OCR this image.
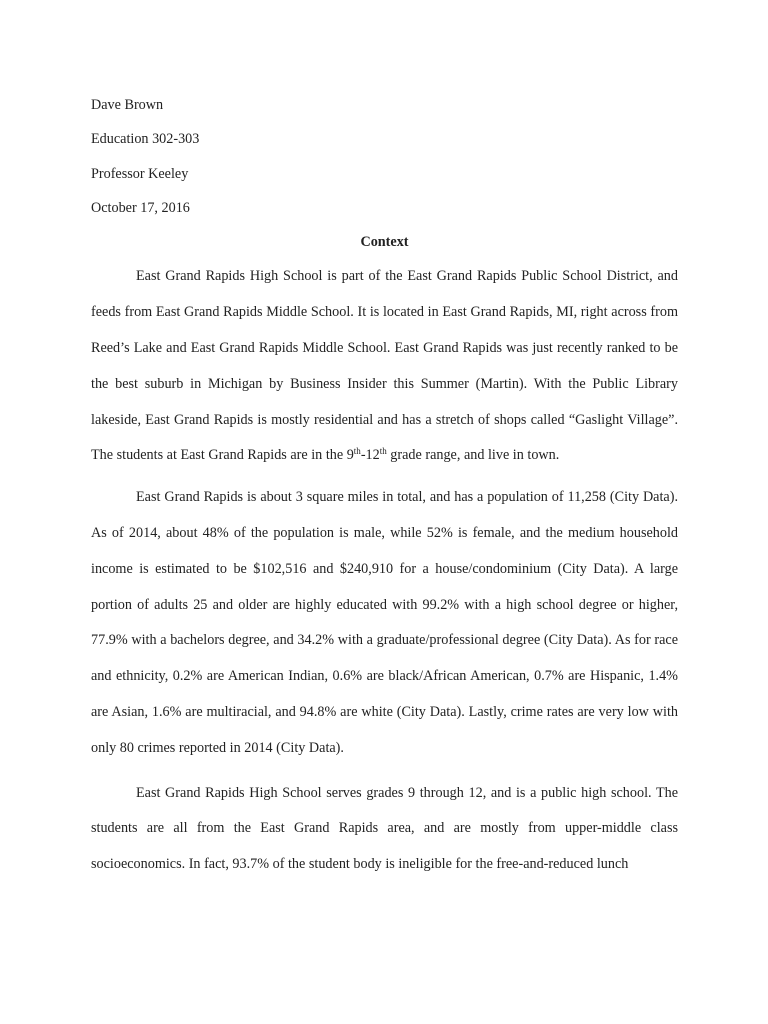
Dave Brown

Education 302-303

Professor Keeley

October 17, 2016

Context

East Grand Rapids High School is part of the East Grand Rapids Public School District, and feeds from East Grand Rapids Middle School. It is located in East Grand Rapids, MI, right across from Reed’s Lake and East Grand Rapids Middle School. East Grand Rapids was just recently ranked to be the best suburb in Michigan by Business Insider this Summer (Martin). With the Public Library lakeside, East Grand Rapids is mostly residential and has a stretch of shops called “Gaslight Village”. The students at East Grand Rapids are in the 9th-12th grade range, and live in town.

East Grand Rapids is about 3 square miles in total, and has a population of 11,258 (City Data). As of 2014, about 48% of the population is male, while 52% is female, and the medium household income is estimated to be $102,516 and $240,910 for a house/condominium (City Data). A large portion of adults 25 and older are highly educated with 99.2% with a high school degree or higher, 77.9% with a bachelors degree, and 34.2% with a graduate/professional degree (City Data). As for race and ethnicity, 0.2% are American Indian, 0.6% are black/African American, 0.7% are Hispanic, 1.4% are Asian, 1.6% are multiracial, and 94.8% are white (City Data). Lastly, crime rates are very low with only 80 crimes reported in 2014 (City Data).

East Grand Rapids High School serves grades 9 through 12, and is a public high school. The students are all from the East Grand Rapids area, and are mostly from upper-middle class socioeconomics. In fact, 93.7% of the student body is ineligible for the free-and-reduced lunch
